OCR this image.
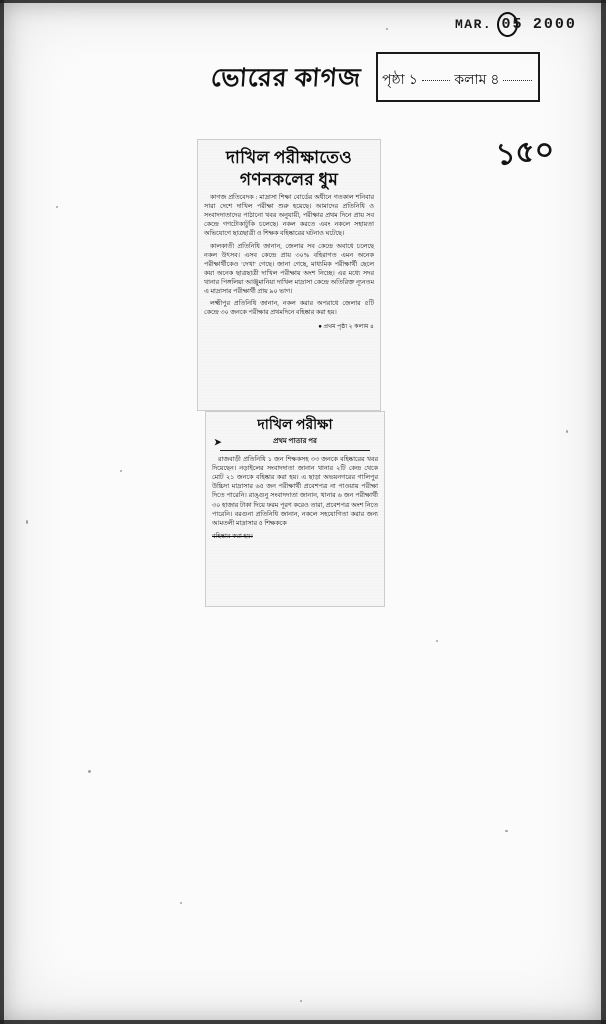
MAR. 05 2000
ভোরের কাগজ	পৃষ্ঠা ১	কলাম ৪
১৫০
দাখিল পরীক্ষাতেও
গণনকলের ধুম

কাগজ প্রতিবেদক : মাদ্রাসা শিক্ষা বোর্ডের অধীনে গতকাল শনিবার সারা দেশে দাখিল পরীক্ষা শুরু হয়েছে। আমাদের প্রতিনিধি ও সংবাদদাতাদের পাঠানো খবর অনুযায়ী, পরীক্ষার প্রথম দিনে প্রায় সব কেন্দ্রে গণটোকাটুকি চলেছে। নকল করতে এবং নকলে সহায়তা অভিযোগে ছাত্রছাত্রী ও শিক্ষক বহিষ্কারের ঘটনাও ঘটেছে।

কালকাতী প্রতিনিধি জানান, জেলার সব কেন্দ্রে অবাধে চলেছে নকল উৎসব। এসব কেন্দ্রে প্রায় ৩০% বহিরাগত এমন অনেক পরীক্ষার্থীকেও 'দেখা' গেছে। জানা গেছে, মাধ্যমিক পরীক্ষার্থী ছেলে কয়া অনেক ছাত্রছাত্রী দাখিল পরীক্ষায় অংশ নিচ্ছে। এর মধ্যে সদর থানার পিঙ্গলিয়া আঞ্জুমানিয়া দাখিল মাদ্রাসা কেন্দ্রে অতিরিক্ত ন্যূনতম এ মাদ্রাসার পরীক্ষার্থী প্রায় ৯০ ভাগ।

লক্ষ্মীপুর প্রতিনিধি জানান, নকল করার অপরাধে জেলার ৫টি কেন্দ্রে ৩০ জনকে পরীক্ষার প্রথমদিনে বহিষ্কার করা হয়।

● প্রথম পৃষ্ঠা ২ কলাম ৪
দাখিল পরীক্ষা
➤	প্রথম পাতার পর

রাজবাড়ী প্রতিনিধি ১ জন শিক্ষকসহ ৩৩ জনকে বহিষ্কারের খবর দিয়েছেন। নড়াইলের সংবাদদাতা জানান থানার ২টি কেন্দ্র থেকে মোট ২১ জনকে বহিষ্কার করা হয়। এ ছাড়া অভয়নগরের গালিপুর উচ্চিদা মাদ্রাসার ৬৫ জন পরীক্ষার্থী প্রবেশপত্র না পাওয়ায় পরীক্ষা দিতে পারেনি। রাঙ্গুনু সংবাদদাতা জানান, থানার ৬ জন পরীক্ষার্থী ৩০ হাজার টাকা দিয়ে ফরম পূরণ করেও তারা, প্রবেশপত্র অংশ নিতে পারেনি। বরগুনা প্রতিনিধি জানান, নকলে সহযোগিতা করার জন্য আমতলী মাদ্রাসার ৫ শিক্ষককে

বহিষ্কার করা হয়।
